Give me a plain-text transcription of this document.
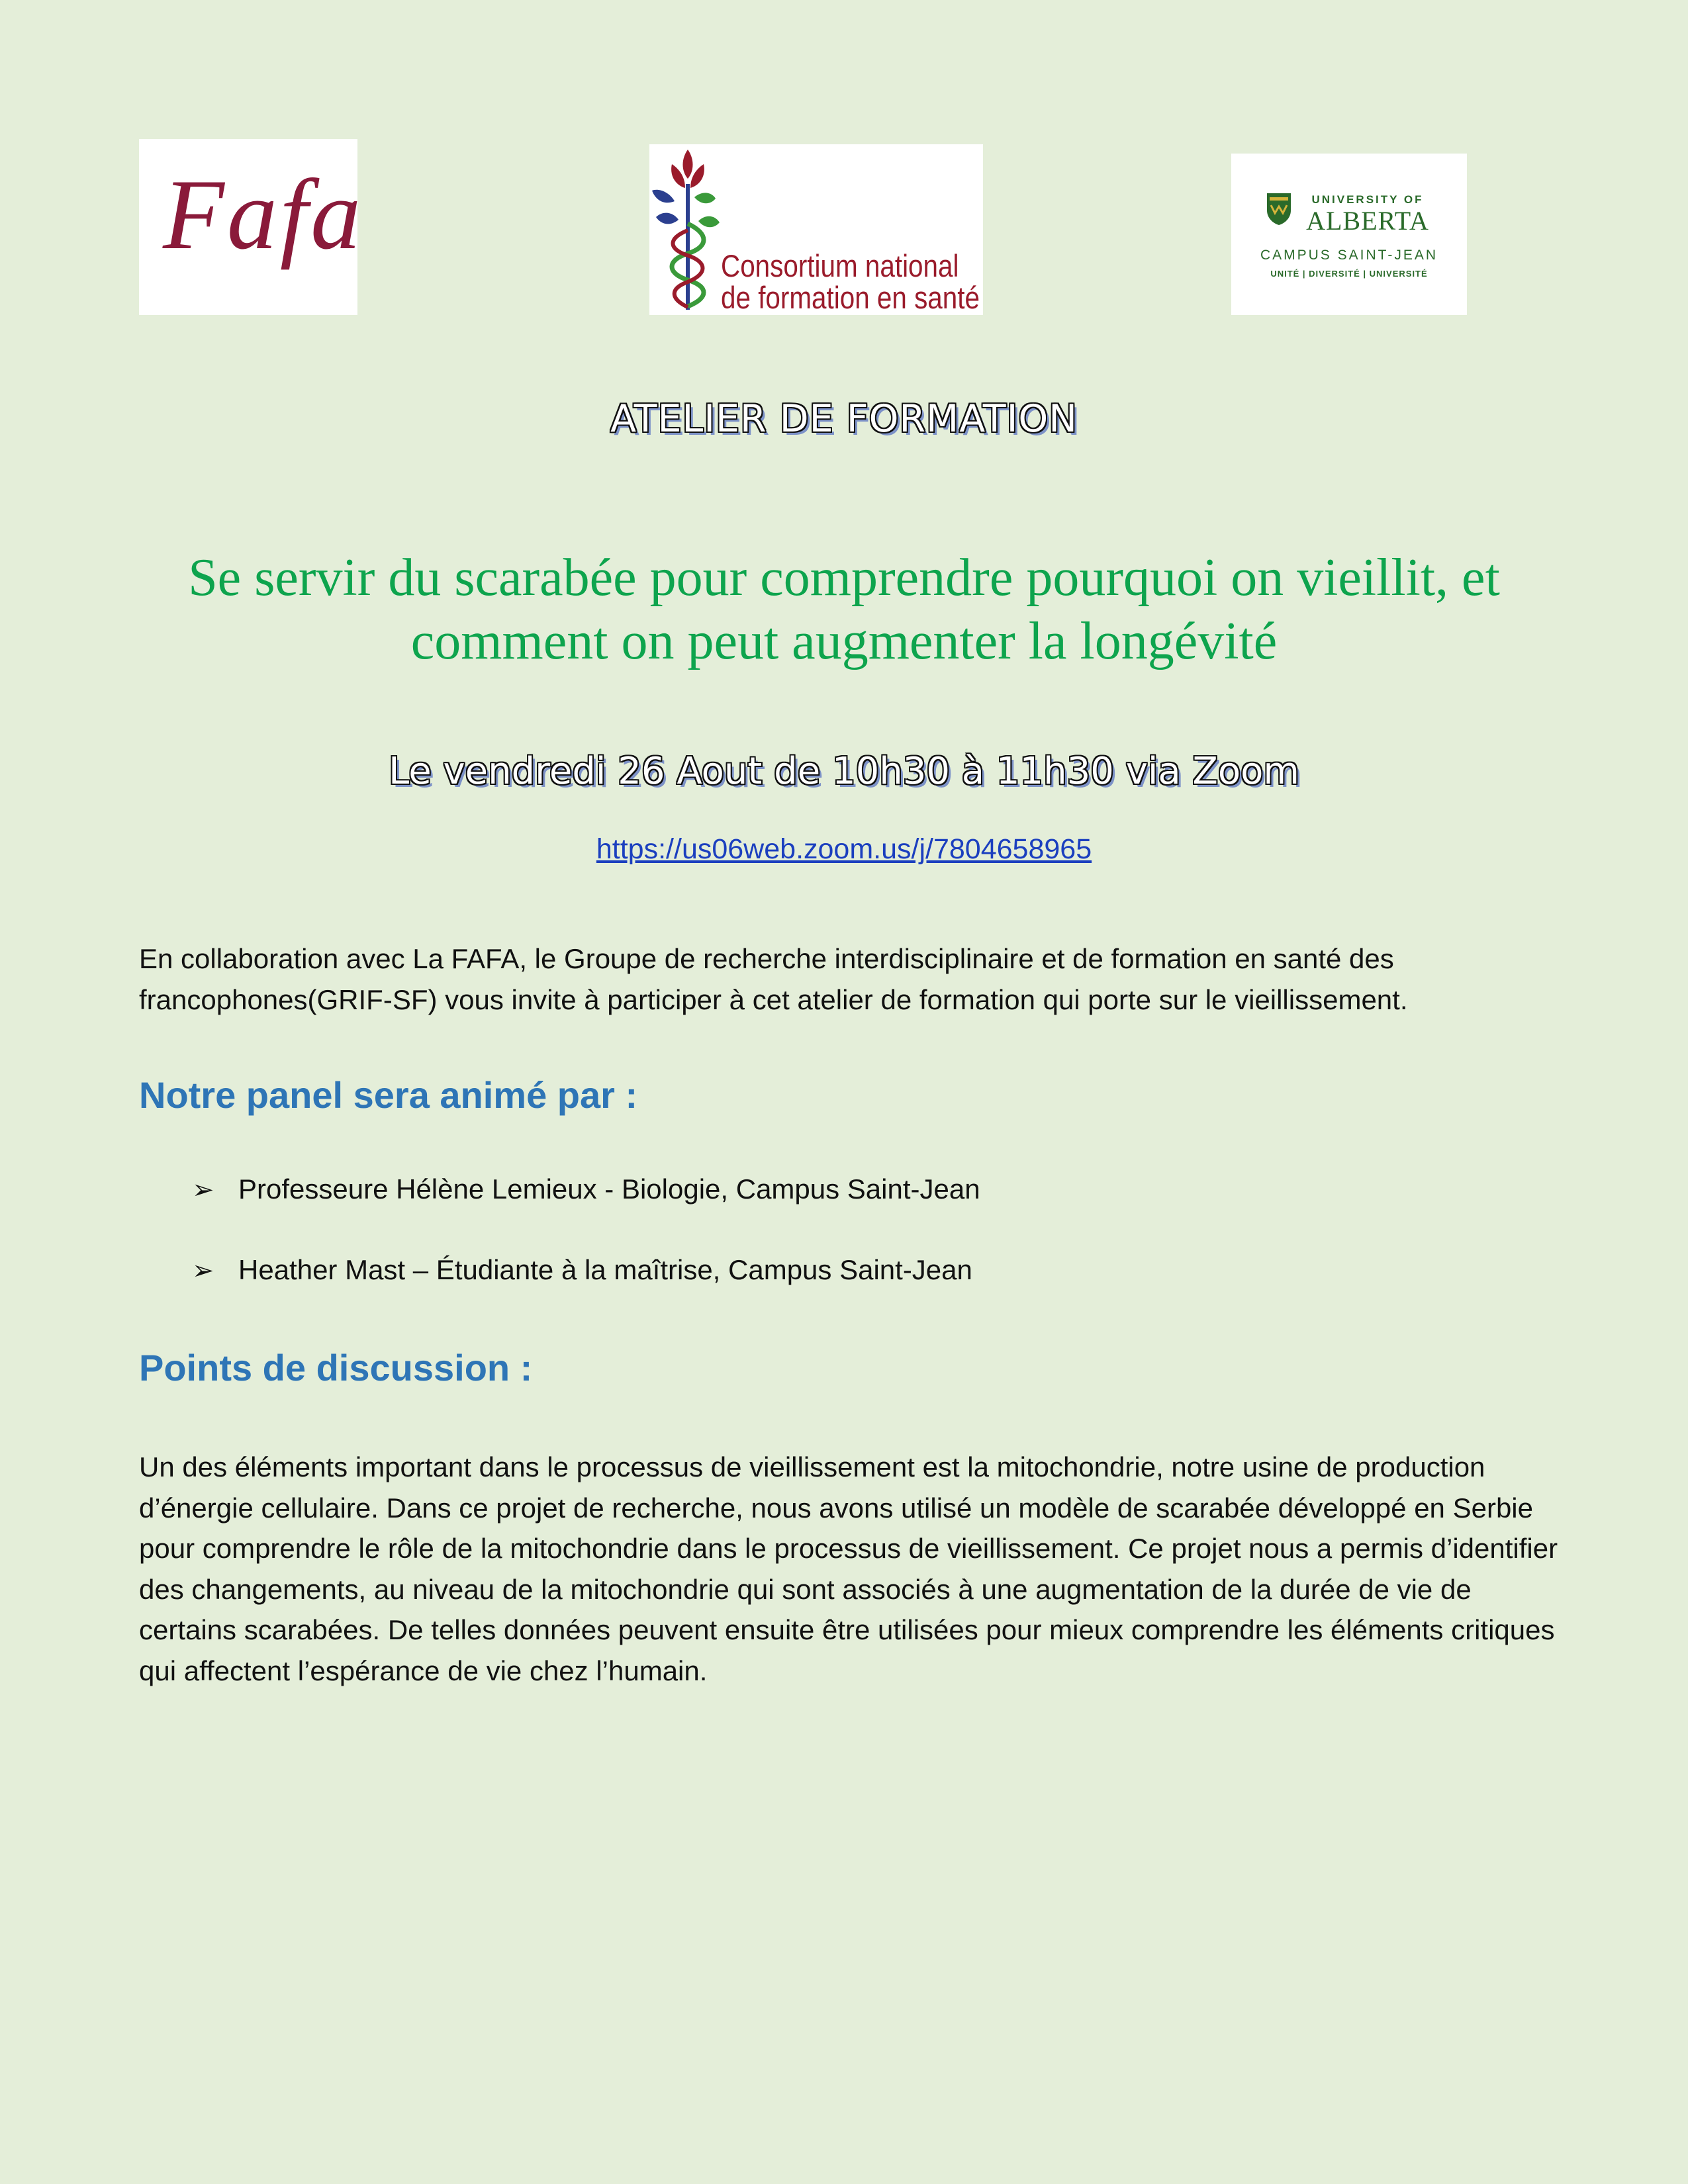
Fafa	Consortium national
de formation en santé
UNIVERSITY OF
ALBERTA
CAMPUS SAINT-JEAN
UNITÉ | DIVERSITÉ | UNIVERSITÉ
ATELIER DE FORMATION
Se servir du scarabée pour comprendre pourquoi on vieillit, et comment on peut augmenter la longévité
Le vendredi 26 Aout de 10h30 à 11h30 via Zoom
https://us06web.zoom.us/j/7804658965

En collaboration avec La FAFA, le Groupe de recherche interdisciplinaire et de formation en santé des francophones(GRIF-SF) vous invite à participer à cet atelier de formation qui porte sur le vieillissement.

Notre panel sera animé par :
➢ Professeure Hélène Lemieux - Biologie, Campus Saint-Jean
➢ Heather Mast – Étudiante à la maîtrise, Campus Saint-Jean
Points de discussion :

Un des éléments important dans le processus de vieillissement est la mitochondrie, notre usine de production d’énergie cellulaire. Dans ce projet de recherche, nous avons utilisé un modèle de scarabée développé en Serbie pour comprendre le rôle de la mitochondrie dans le processus de vieillissement. Ce projet nous a permis d’identifier des changements, au niveau de la mitochondrie qui sont associés à une augmentation de la durée de vie de certains scarabées. De telles données peuvent ensuite être utilisées pour mieux comprendre les éléments critiques qui affectent l’espérance de vie chez l’humain.
